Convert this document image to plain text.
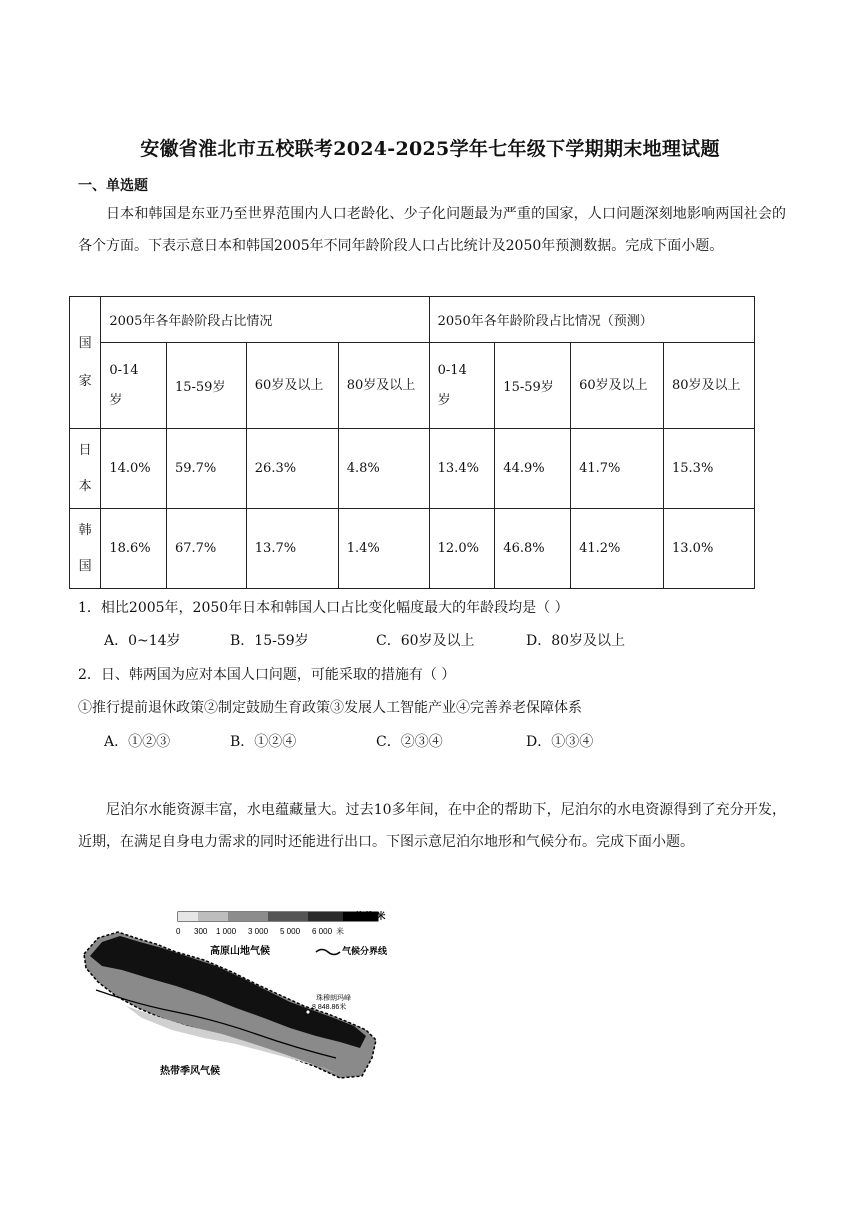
安徽省淮北市五校联考2024-2025学年七年级下学期期末地理试题
一、单选题
日本和韩国是东亚乃至世界范围内人口老龄化、少子化问题最为严重的国家，人口问题深刻地影响两国社会的各个方面。下表示意日本和韩国2005年不同年龄阶段人口占比统计及2050年预测数据。完成下面小题。
国家	2005年各年龄阶段占比情况				2050年各年龄阶段占比情况（预测）			

	0-14岁	15-59岁	60岁及以上	80岁及以上	0-14岁	15-59岁	60岁及以上	80岁及以上

日本	14.0%	59.7%	26.3%	4.8%	13.4%	44.9%	41.7%	15.3%

韩国	18.6%	67.7%	13.7%	1.4%	12.0%	46.8%	41.2%	13.0%
1．相比2005年，2050年日本和韩国人口占比变化幅度最大的年龄段均是（ ）
A．0~14岁	B．15-59岁	C．60岁及以上	D．80岁及以上
2．日、韩两国为应对本国人口问题，可能采取的措施有（ ）
①推行提前退休政策②制定鼓励生育政策③发展人工智能产业④完善养老保障体系
A．①②③	B．①②④	C．②③④	D．①③④
尼泊尔水能资源丰富，水电蕴藏量大。过去10多年间，在中企的帮助下，尼泊尔的水电资源得到了充分开发，近期，在满足自身电力需求的同时还能进行出口。下图示意尼泊尔地形和气候分布。完成下面小题。
0 300 1 000 3 000 5 000 6 000 米
海拔/米
气候分界线
高原山地气候
珠穆朗玛峰
8 848.86米
热带季风气候
